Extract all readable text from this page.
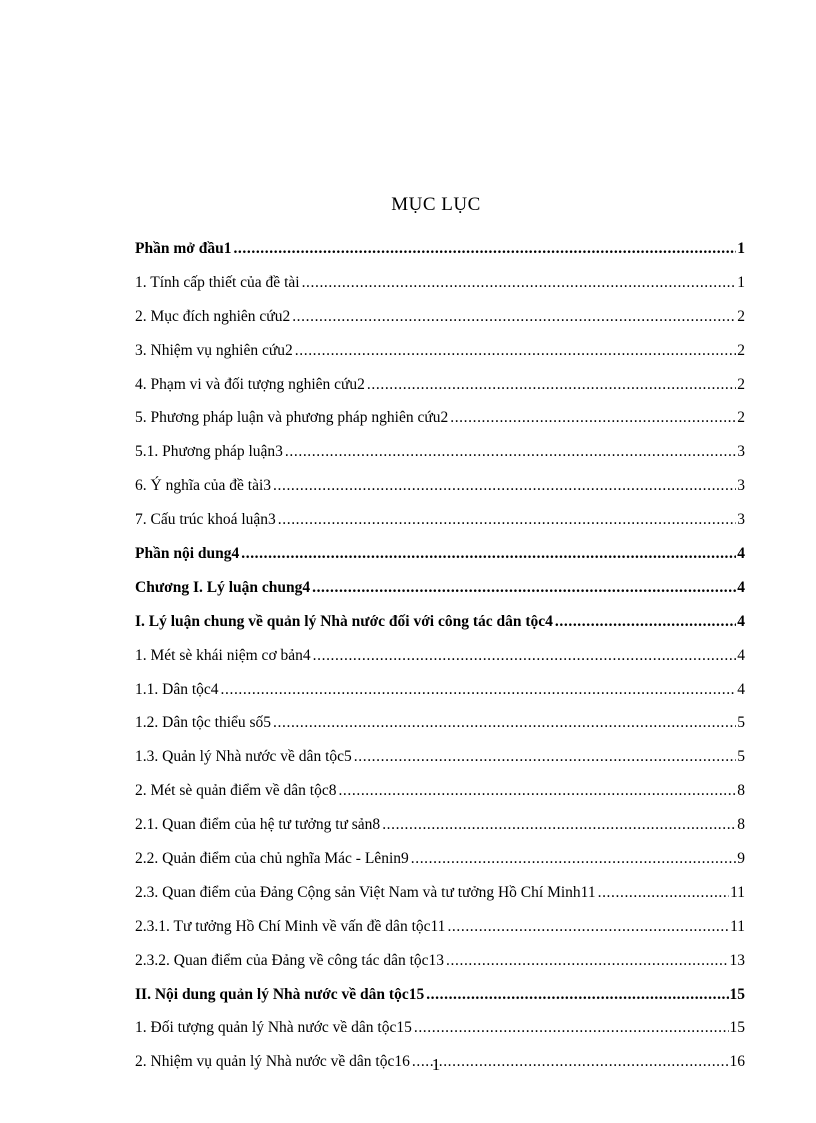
MỤC LỤC
Phần mở đầu1 .....	1
1. Tính cấp thiết của đề tài .....	1
2. Mục đích nghiên cứu2 .....	2
3. Nhiệm vụ nghiên cứu2 .....	2
4. Phạm vi và đối tượng nghiên cứu2 .....	2
5. Phương pháp luận và phương pháp nghiên cứu2 .....	2
5.1. Phương pháp luận3 .....	3
6. Ý nghĩa của đề tài3 .....	3
7. Cấu trúc khoá luận3 .....	3
Phần nội dung4 .....	4
Chương I. Lý luận chung4 .....	4
I. Lý luận chung về quản lý Nhà nước đối với công tác dân tộc4 .....	4
1. Mét sè khái niệm cơ bản4 .....	4
1.1. Dân tộc4 .....	4
1.2. Dân tộc thiểu số5 .....	5
1.3. Quản lý Nhà nước về dân tộc5 .....	5
2. Mét sè quản điểm về dân tộc8 .....	8
2.1. Quan điểm của hệ tư tưởng tư sản8 .....	8
2.2. Quản điểm của chủ nghĩa Mác - Lênin9 .....	9
2.3. Quan điểm của Đảng Cộng sản Việt Nam và tư tưởng Hồ Chí Minh11 .....	11
2.3.1. Tư tưởng Hồ Chí Minh về vấn đề dân tộc11 .....	11
2.3.2. Quan điểm của Đảng về công tác dân tộc13 .....	13
II. Nội dung quản lý Nhà nước về dân tộc15 .....	15
1. Đối tượng quản lý Nhà nước về dân tộc15 .....	15
2. Nhiệm vụ quản lý Nhà nước về dân tộc16 .....	16
1
